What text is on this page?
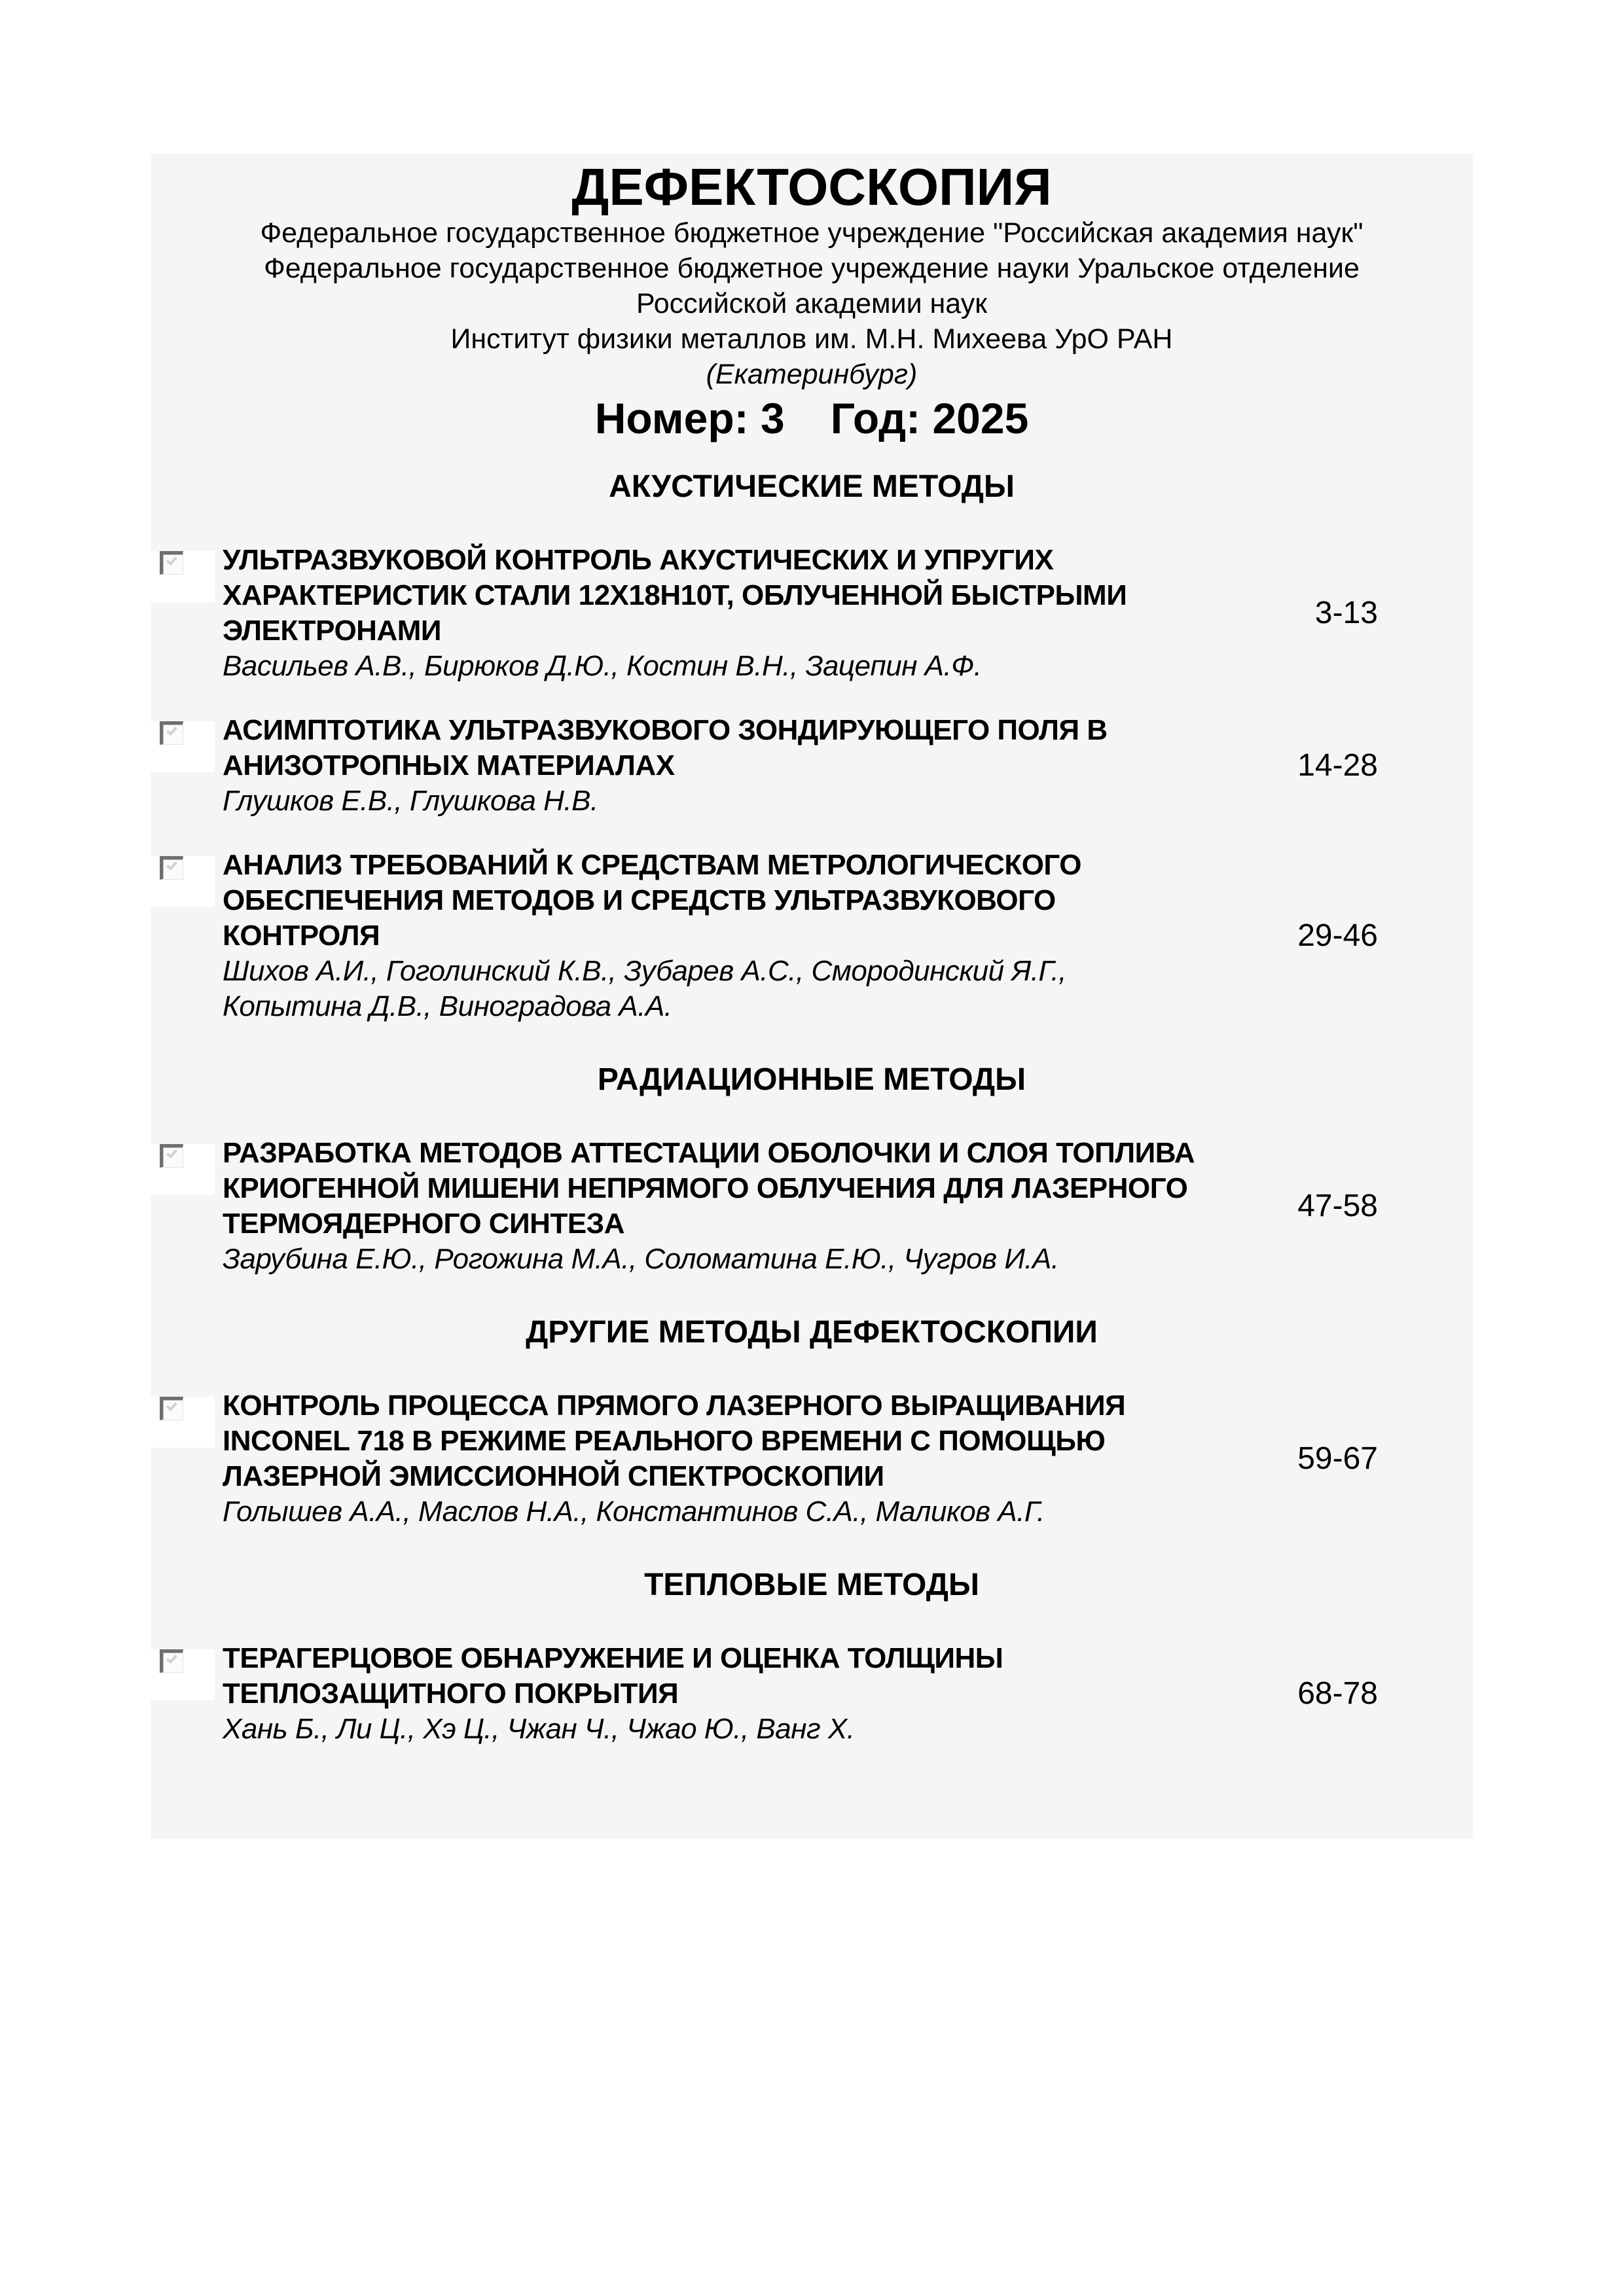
ДЕФЕКТОСКОПИЯ
Федеральное государственное бюджетное учреждение "Российская академия наук"
Федеральное государственное бюджетное учреждение науки Уральское отделение
Российской академии наук
Институт физики металлов им. М.Н. Михеева УрО РАН
(Екатеринбург)
Номер: 3 Год: 2025
АКУСТИЧЕСКИЕ МЕТОДЫ
УЛЬТРАЗВУКОВОЙ КОНТРОЛЬ АКУСТИЧЕСКИХ И УПРУГИХ ХАРАКТЕРИСТИК СТАЛИ 12Х18Н10Т, ОБЛУЧЕННОЙ БЫСТРЫМИ ЭЛЕКТРОНАМИ
Васильев А.В., Бирюков Д.Ю., Костин В.Н., Зацепин А.Ф.
3-13
АСИМПТОТИКА УЛЬТРАЗВУКОВОГО ЗОНДИРУЮЩЕГО ПОЛЯ В АНИЗОТРОПНЫХ МАТЕРИАЛАХ
Глушков Е.В., Глушкова Н.В.
14-28
АНАЛИЗ ТРЕБОВАНИЙ К СРЕДСТВАМ МЕТРОЛОГИЧЕСКОГО ОБЕСПЕЧЕНИЯ МЕТОДОВ И СРЕДСТВ УЛЬТРАЗВУКОВОГО КОНТРОЛЯ
Шихов А.И., Гоголинский К.В., Зубарев А.С., Смородинский Я.Г., Копытина Д.В., Виноградова А.А.
29-46
РАДИАЦИОННЫЕ МЕТОДЫ
РАЗРАБОТКА МЕТОДОВ АТТЕСТАЦИИ ОБОЛОЧКИ И СЛОЯ ТОПЛИВА КРИОГЕННОЙ МИШЕНИ НЕПРЯМОГО ОБЛУЧЕНИЯ ДЛЯ ЛАЗЕРНОГО ТЕРМОЯДЕРНОГО СИНТЕЗА
Зарубина Е.Ю., Рогожина М.А., Соломатина Е.Ю., Чугров И.А.
47-58
ДРУГИЕ МЕТОДЫ ДЕФЕКТОСКОПИИ
КОНТРОЛЬ ПРОЦЕССА ПРЯМОГО ЛАЗЕРНОГО ВЫРАЩИВАНИЯ INCONEL 718 В РЕЖИМЕ РЕАЛЬНОГО ВРЕМЕНИ С ПОМОЩЬЮ ЛАЗЕРНОЙ ЭМИССИОННОЙ СПЕКТРОСКОПИИ
Голышев А.А., Маслов Н.А., Константинов С.А., Маликов А.Г.
59-67
ТЕПЛОВЫЕ МЕТОДЫ
ТЕРАГЕРЦОВОЕ ОБНАРУЖЕНИЕ И ОЦЕНКА ТОЛЩИНЫ ТЕПЛОЗАЩИТНОГО ПОКРЫТИЯ
Хань Б., Ли Ц., Хэ Ц., Чжан Ч., Чжао Ю., Ванг Х.
68-78
